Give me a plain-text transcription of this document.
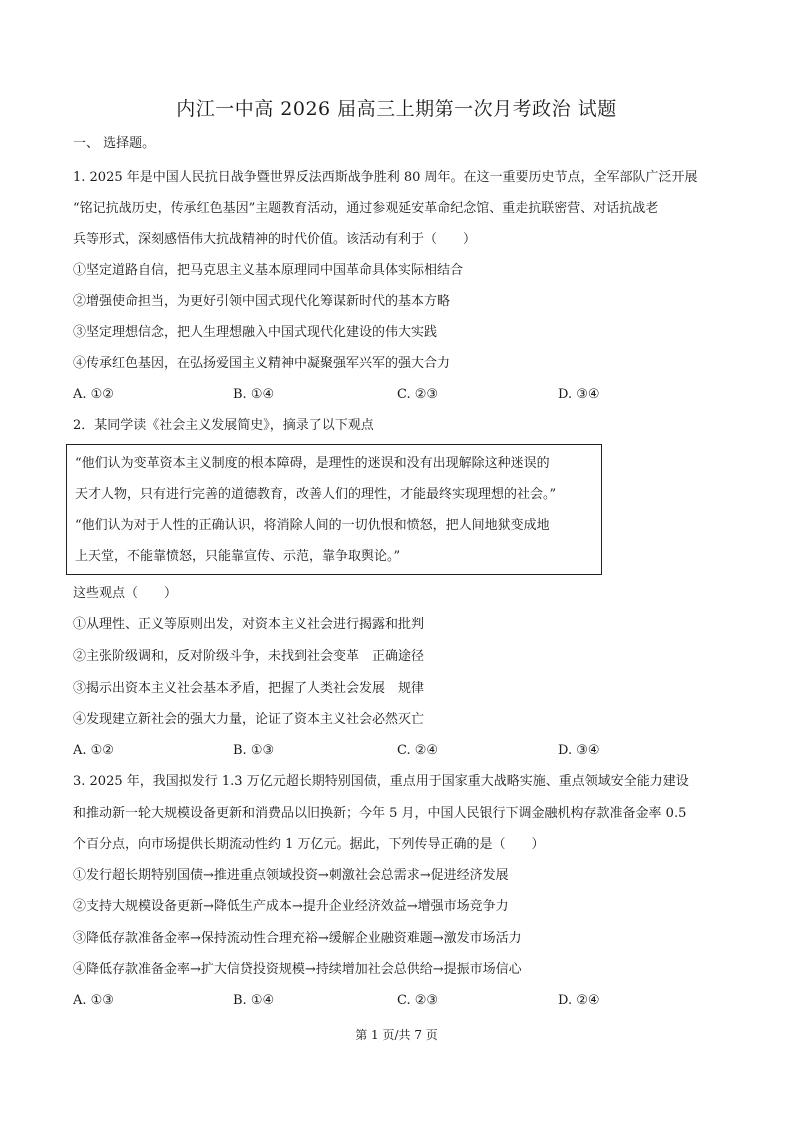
内江一中高 2026 届高三上期第一次月考政治 试题
一、 选择题。
1. 2025 年是中国人民抗日战争暨世界反法西斯战争胜利 80 周年。在这一重要历史节点，全军部队广泛开展
“铭记抗战历史，传承红色基因”主题教育活动，通过参观延安革命纪念馆、重走抗联密营、对话抗战老
兵等形式，深刻感悟伟大抗战精神的时代价值。该活动有利于（　　）
①坚定道路自信，把马克思主义基本原理同中国革命具体实际相结合
②增强使命担当，为更好引领中国式现代化筹谋新时代的基本方略
③坚定理想信念，把人生理想融入中国式现代化建设的伟大实践
④传承红色基因，在弘扬爱国主义精神中凝聚强军兴军的强大合力
A. ①②	B. ①④	C. ②③	D. ③④
2．某同学读《社会主义发展简史》，摘录了以下观点
“他们认为变革资本主义制度的根本障碍，是理性的迷误和没有出现解除这种迷误的
天才人物，只有进行完善的道德教育，改善人们的理性，才能最终实现理想的社会。”
“他们认为对于人性的正确认识，将消除人间的一切仇恨和愤怒，把人间地狱变成地
上天堂，不能靠愤怒，只能靠宣传、示范，靠争取舆论。”
这些观点（　　）
①从理性、正义等原则出发，对资本主义社会进行揭露和批判
②主张阶级调和，反对阶级斗争，未找到社会变革　正确途径
③揭示出资本主义社会基本矛盾，把握了人类社会发展　规律
④发现建立新社会的强大力量，论证了资本主义社会必然灭亡
A. ①②	B. ①③	C. ②④	D. ③④
3. 2025 年，我国拟发行 1.3 万亿元超长期特别国债，重点用于国家重大战略实施、重点领域安全能力建设
和推动新一轮大规模设备更新和消费品以旧换新；今年 5 月，中国人民银行下调金融机构存款准备金率 0.5
个百分点，向市场提供长期流动性约 1 万亿元。据此，下列传导正确的是（　　）
①发行超长期特别国债→推进重点领域投资→刺激社会总需求→促进经济发展
②支持大规模设备更新→降低生产成本→提升企业经济效益→增强市场竞争力
③降低存款准备金率→保持流动性合理充裕→缓解企业融资难题→激发市场活力
④降低存款准备金率→扩大信贷投资规模→持续增加社会总供给→提振市场信心
A. ①③	B. ①④	C. ②③	D. ②④
第 1 页/共 7 页
